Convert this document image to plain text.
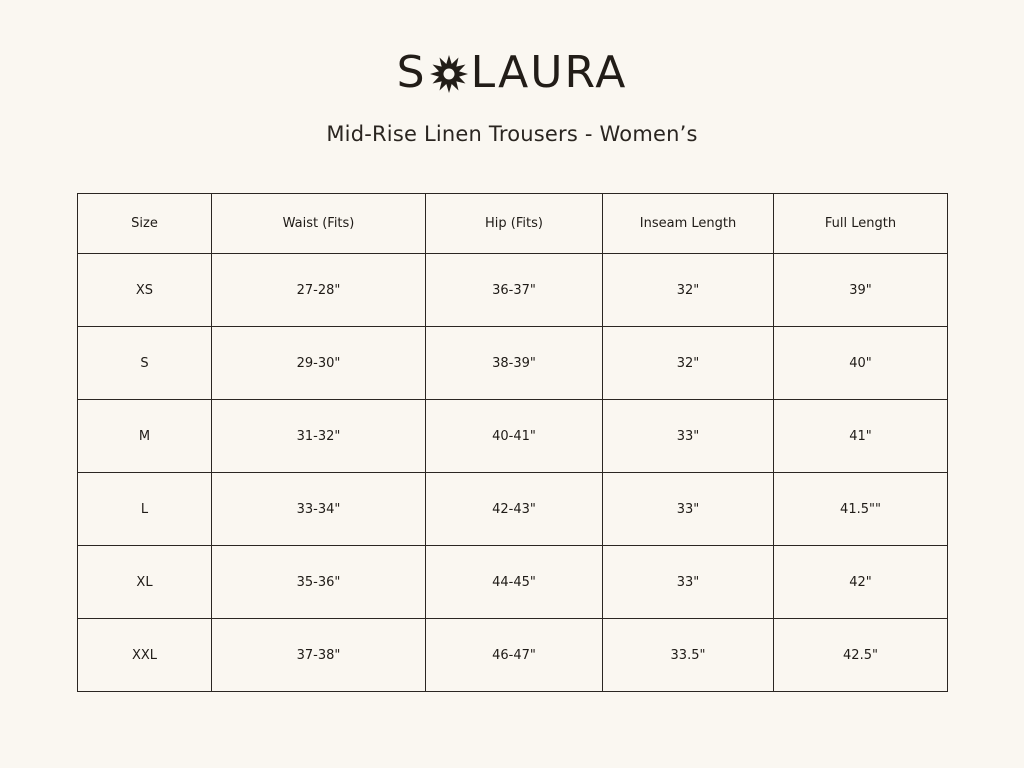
S LAURA
Mid-Rise Linen Trousers - Women’s
Size	Waist (Fits)	Hip (Fits)	Inseam Length	Full Length
XS	27-28"	36-37"	32"	39"
S	29-30"	38-39"	32"	40"
M	31-32"	40-41"	33"	41"
L	33-34"	42-43"	33"	41.5""
XL	35-36"	44-45"	33"	42"
XXL	37-38"	46-47"	33.5"	42.5"
